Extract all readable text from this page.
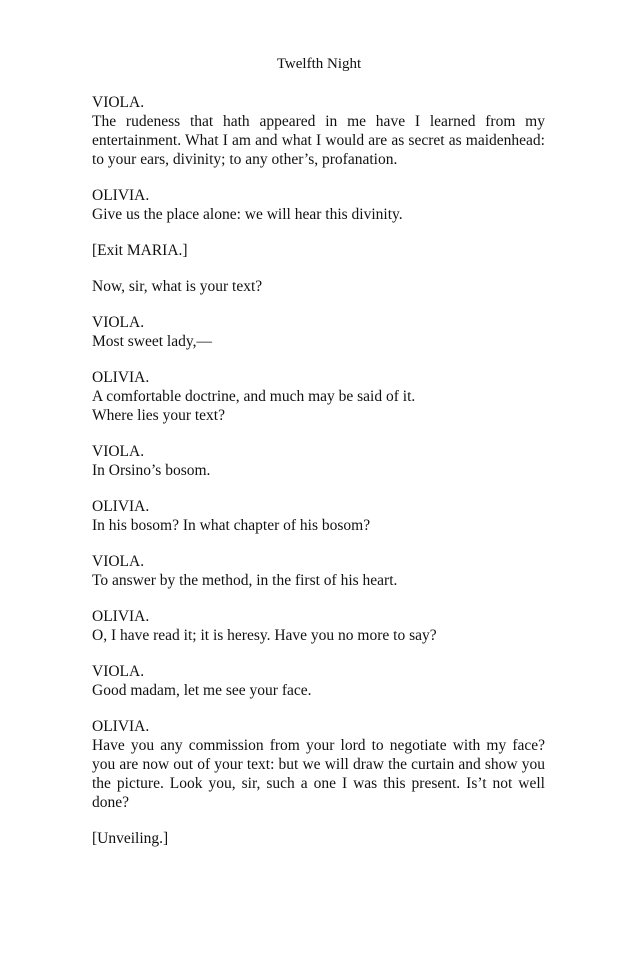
Twelfth Night
VIOLA.
The rudeness that hath appeared in me have I learned from my entertainment. What I am and what I would are as secret as maidenhead: to your ears, divinity; to any other’s, profanation.
OLIVIA.
Give us the place alone: we will hear this divinity.
[Exit MARIA.]
Now, sir, what is your text?
VIOLA.
Most sweet lady,—
OLIVIA.
A comfortable doctrine, and much may be said of it.
Where lies your text?
VIOLA.
In Orsino’s bosom.
OLIVIA.
In his bosom? In what chapter of his bosom?
VIOLA.
To answer by the method, in the first of his heart.
OLIVIA.
O, I have read it; it is heresy. Have you no more to say?
VIOLA.
Good madam, let me see your face.
OLIVIA.
Have you any commission from your lord to negotiate with my face? you are now out of your text: but we will draw the curtain and show you the picture. Look you, sir, such a one I was this present. Is’t not well done?
[Unveiling.]
